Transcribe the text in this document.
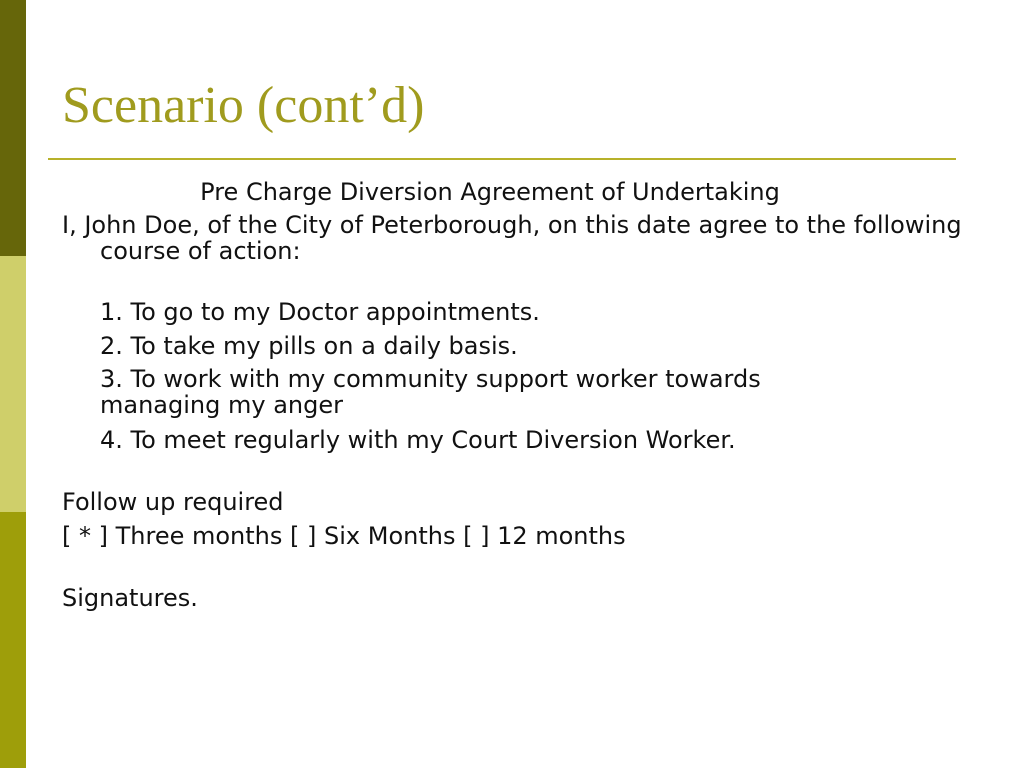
Scenario (cont’d)

Pre Charge Diversion Agreement of Undertaking

I, John Doe, of the City of Peterborough, on this date agree to the following course of action:

1. To go to my Doctor appointments.

2. To take my pills on a daily basis.

3. To work with my community support worker towards
managing my anger

4. To meet regularly with my Court Diversion Worker.

Follow up required

[ * ] Three months [ ] Six Months [ ] 12 months

Signatures.
